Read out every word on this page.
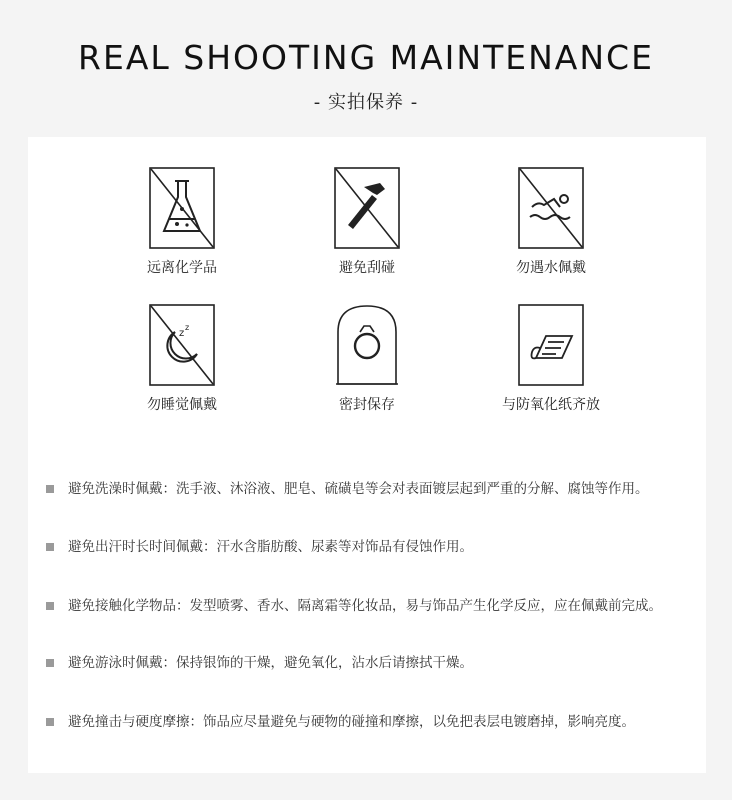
REAL SHOOTING MAINTENANCE
- 实拍保养 -
远离化学品	避免刮碰	勿遇水佩戴
z
z
勿睡觉佩戴	密封保存	与防氧化纸齐放
避免洗澡时佩戴：洗手液、沐浴液、肥皂、硫磺皂等会对表面镀层起到严重的分解、腐蚀等作用。
避免出汗时长时间佩戴：汗水含脂肪酸、尿素等对饰品有侵蚀作用。
避免接触化学物品：发型喷雾、香水、隔离霜等化妆品，易与饰品产生化学反应，应在佩戴前完成。
避免游泳时佩戴：保持银饰的干燥，避免氧化，沾水后请擦拭干燥。
避免撞击与硬度摩擦：饰品应尽量避免与硬物的碰撞和摩擦，以免把表层电镀磨掉，影响亮度。
